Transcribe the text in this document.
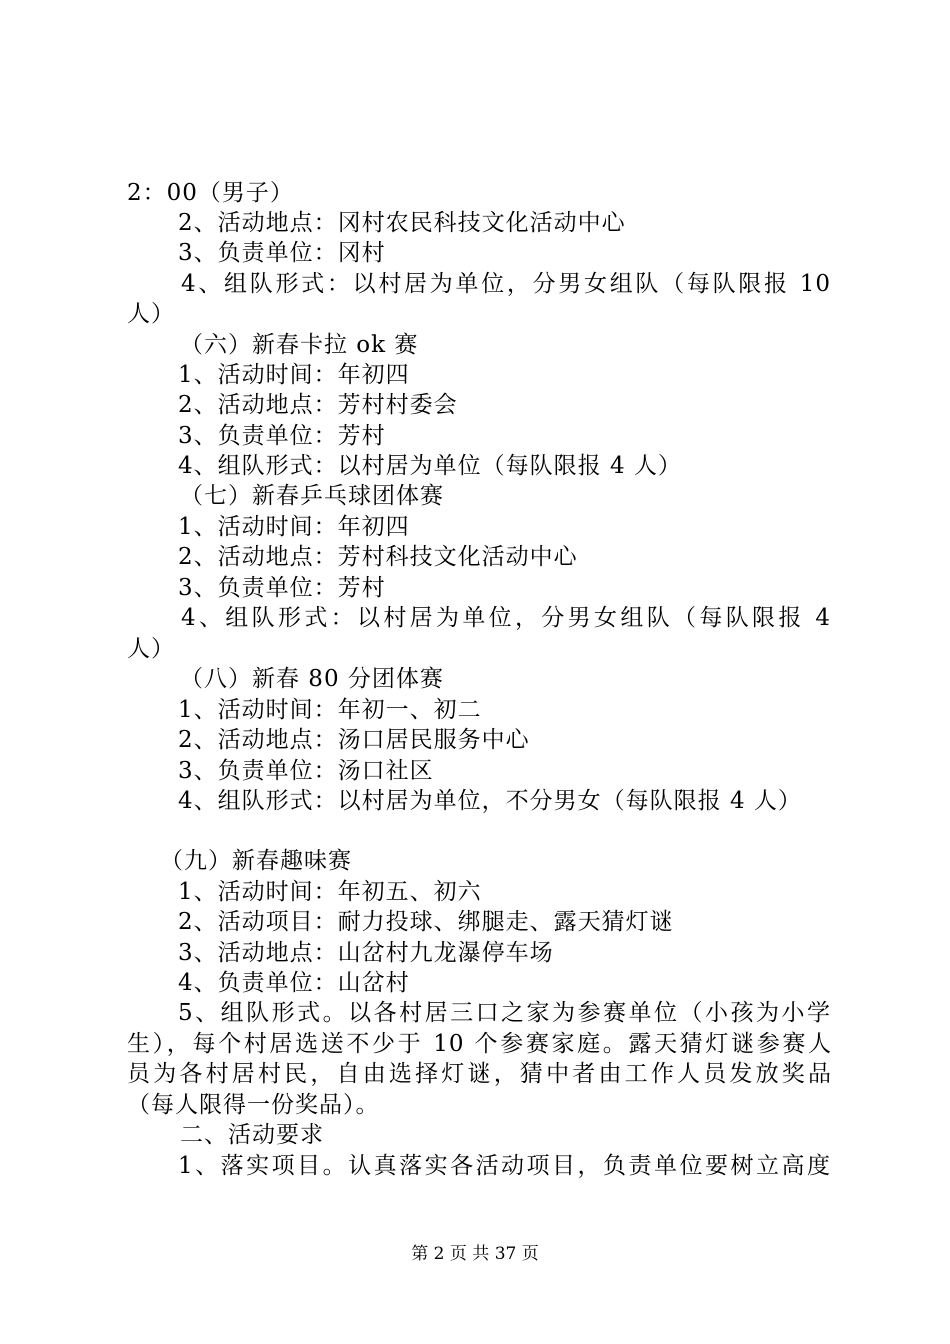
2：00（男子）
2、活动地点：冈村农民科技文化活动中心
3、负责单位：冈村
4、组队形式：以村居为单位，分男女组队（每队限报 10
人）
（六）新春卡拉 ok 赛
1、活动时间：年初四
2、活动地点：芳村村委会
3、负责单位：芳村
4、组队形式：以村居为单位（每队限报 4 人）
（七）新春乒乓球团体赛
1、活动时间：年初四
2、活动地点：芳村科技文化活动中心
3、负责单位：芳村
4、组队形式：以村居为单位，分男女组队（每队限报 4
人）
（八）新春 80 分团体赛
1、活动时间：年初一、初二
2、活动地点：汤口居民服务中心
3、负责单位：汤口社区
4、组队形式：以村居为单位，不分男女（每队限报 4 人）
（九）新春趣味赛
1、活动时间：年初五、初六
2、活动项目：耐力投球、绑腿走、露天猜灯谜
3、活动地点：山岔村九龙瀑停车场
4、负责单位：山岔村
5、组队形式。以各村居三口之家为参赛单位（小孩为小学
生），每个村居选送不少于 10 个参赛家庭。露天猜灯谜参赛人
员为各村居村民，自由选择灯谜，猜中者由工作人员发放奖品
（每人限得一份奖品）。
二、活动要求
1、落实项目。认真落实各活动项目，负责单位要树立高度
第 2 页 共 37 页
